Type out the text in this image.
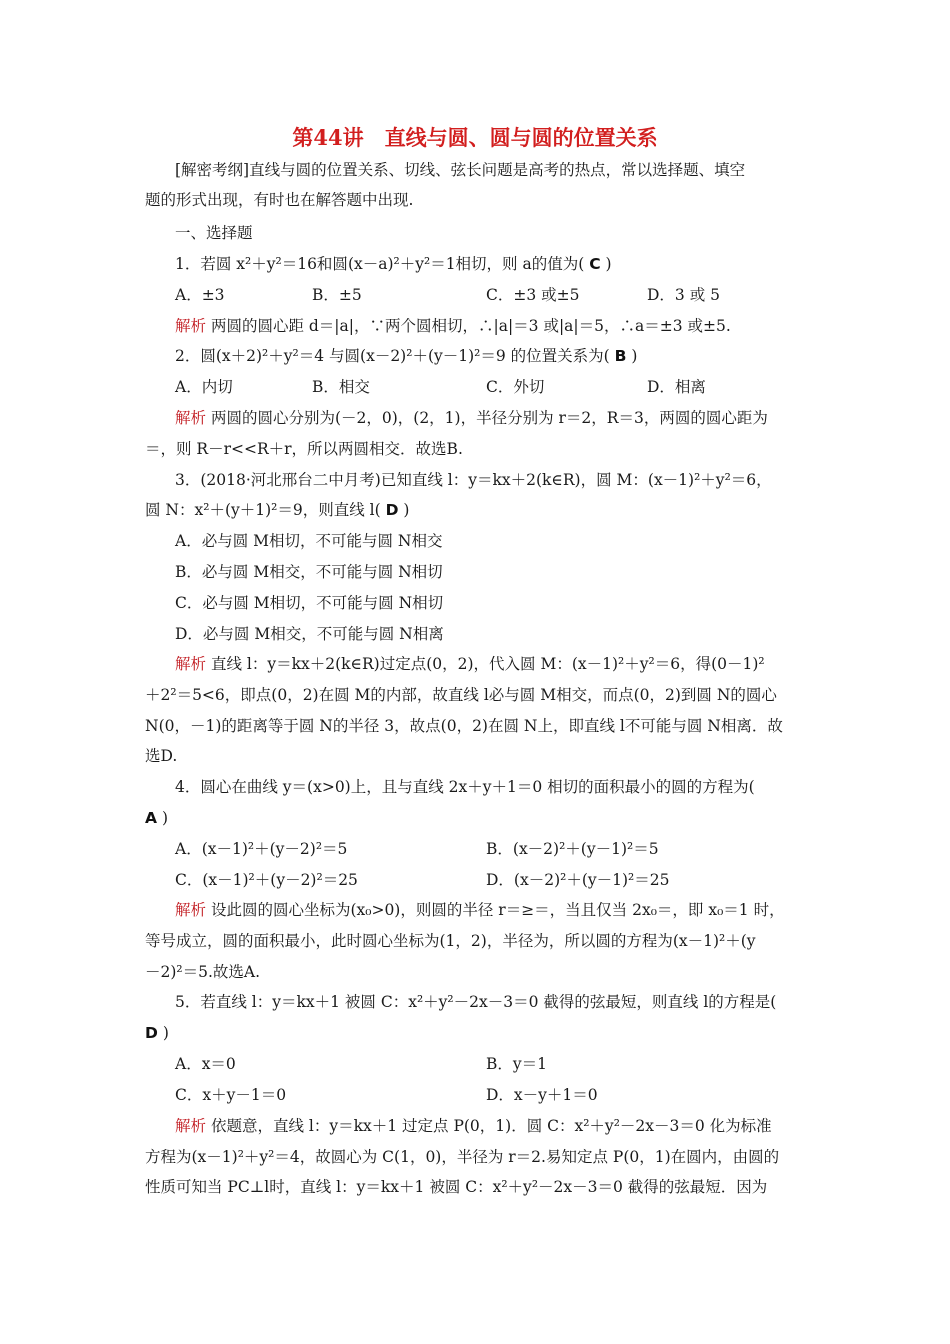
第44讲　直线与圆、圆与圆的位置关系
[解密考纲]直线与圆的位置关系、切线、弦长问题是高考的热点，常以选择题、填空
题的形式出现，有时也在解答题中出现.
一、选择题
1．若圆 x²＋y²＝16和圆(x－a)²＋y²＝1相切，则 a的值为( C )
A．±3	B．±5	C．±3 或±5	D．3 或 5
解析 两圆的圆心距 d＝|a|，∵两个圆相切，∴|a|＝3 或|a|＝5，∴a＝±3 或±5.
2．圆(x＋2)²＋y²＝4 与圆(x－2)²＋(y－1)²＝9 的位置关系为( B )
A．内切	B．相交	C．外切	D．相离
解析 两圆的圆心分别为(－2，0)，(2，1)，半径分别为 r＝2，R＝3，两圆的圆心距为
＝，则 R－r<<R＋r，所以两圆相交．故选B.
3．(2018·河北邢台二中月考)已知直线 l：y＝kx＋2(k∈R)，圆 M：(x－1)²＋y²＝6，
圆 N：x²＋(y＋1)²＝9，则直线 l( D )
A．必与圆 M相切，不可能与圆 N相交
B．必与圆 M相交，不可能与圆 N相切
C．必与圆 M相切，不可能与圆 N相切
D．必与圆 M相交，不可能与圆 N相离
解析 直线 l：y＝kx＋2(k∈R)过定点(0，2)，代入圆 M：(x－1)²＋y²＝6，得(0－1)²
＋2²＝5<6，即点(0，2)在圆 M的内部，故直线 l必与圆 M相交，而点(0，2)到圆 N的圆心
N(0，－1)的距离等于圆 N的半径 3，故点(0，2)在圆 N上，即直线 l不可能与圆 N相离．故
选D.
4．圆心在曲线 y＝(x>0)上，且与直线 2x＋y＋1＝0 相切的面积最小的圆的方程为(
A )
A．(x－1)²＋(y－2)²＝5	B．(x－2)²＋(y－1)²＝5
C．(x－1)²＋(y－2)²＝25	D．(x－2)²＋(y－1)²＝25
解析 设此圆的圆心坐标为(x₀>0)，则圆的半径 r＝≥＝，当且仅当 2x₀＝，即 x₀＝1 时，
等号成立，圆的面积最小，此时圆心坐标为(1，2)，半径为，所以圆的方程为(x－1)²＋(y
－2)²＝5.故选A.
5．若直线 l：y＝kx＋1 被圆 C：x²＋y²－2x－3＝0 截得的弦最短，则直线 l的方程是(
D )
A．x＝0	B．y＝1
C．x＋y－1＝0	D．x－y＋1＝0
解析 依题意，直线 l：y＝kx＋1 过定点 P(0，1)．圆 C：x²＋y²－2x－3＝0 化为标准
方程为(x－1)²＋y²＝4，故圆心为 C(1，0)，半径为 r＝2.易知定点 P(0，1)在圆内，由圆的
性质可知当 PC⊥l时，直线 l：y＝kx＋1 被圆 C：x²＋y²－2x－3＝0 截得的弦最短．因为
